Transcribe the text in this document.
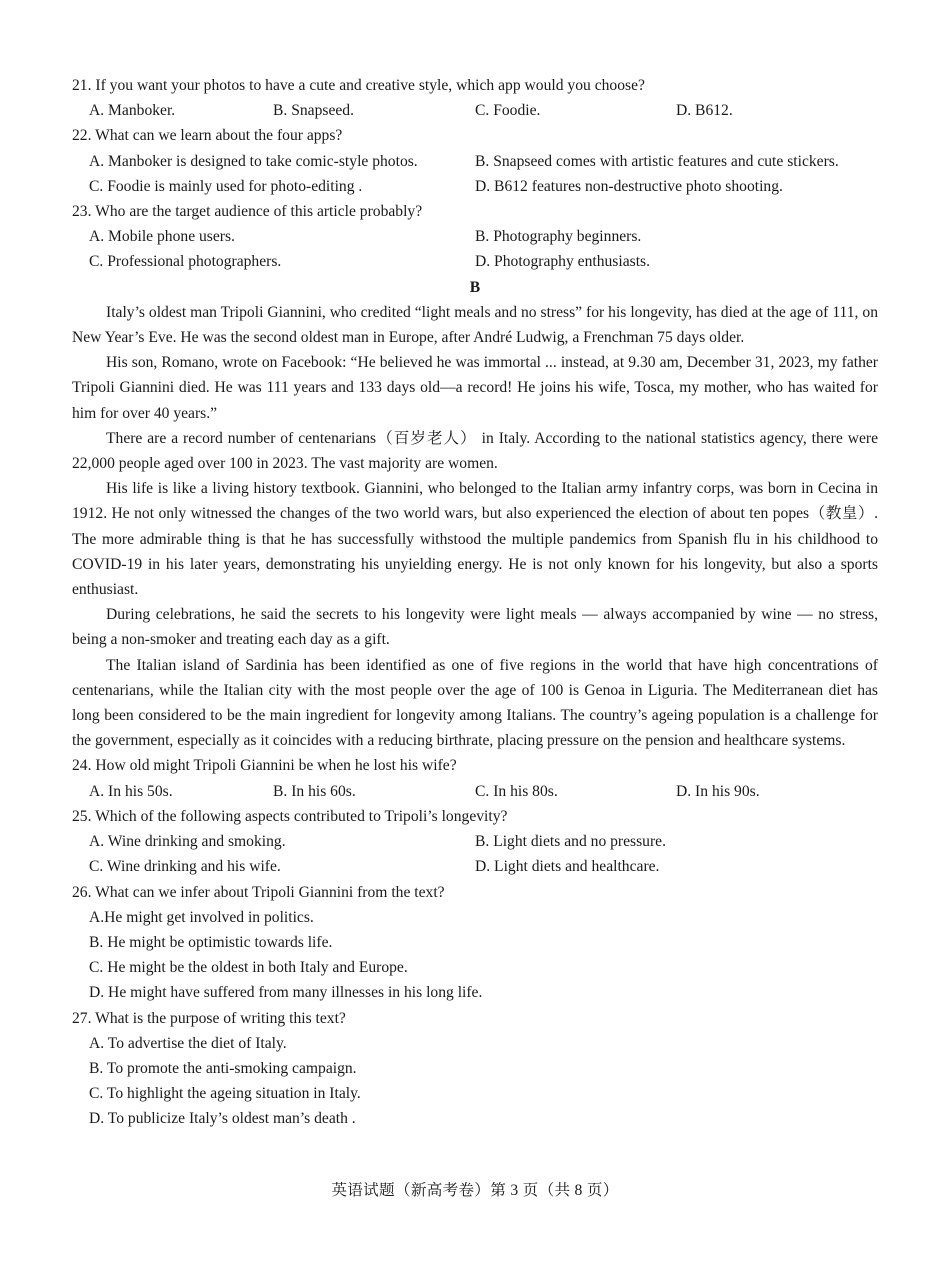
21. If you want your photos to have a cute and creative style, which app would you choose?
A. Manboker.	B. Snapseed.	C. Foodie.	D. B612.
22. What can we learn about the four apps?
A. Manboker is designed to take comic-style photos.	B. Snapseed comes with artistic features and cute stickers.
C. Foodie is mainly used for photo-editing .	D. B612 features non-destructive photo shooting.
23. Who are the target audience of this article probably?
A. Mobile phone users.	B. Photography beginners.
C. Professional photographers.	D. Photography enthusiasts.
B

Italy’s oldest man Tripoli Giannini, who credited “light meals and no stress” for his longevity, has died at the age of 111, on New Year’s Eve. He was the second oldest man in Europe, after André Ludwig, a Frenchman 75 days older.

His son, Romano, wrote on Facebook: “He believed he was immortal ... instead, at 9.30 am, December 31, 2023, my father Tripoli Giannini died. He was 111 years and 133 days old—a record! He joins his wife, Tosca, my mother, who has waited for him for over 40 years.”

There are a record number of centenarians（百岁老人） in Italy. According to the national statistics agency, there were 22,000 people aged over 100 in 2023. The vast majority are women.

His life is like a living history textbook. Giannini, who belonged to the Italian army infantry corps, was born in Cecina in 1912. He not only witnessed the changes of the two world wars, but also experienced the election of about ten popes（教皇）. The more admirable thing is that he has successfully withstood the multiple pandemics from Spanish flu in his childhood to COVID-19 in his later years, demonstrating his unyielding energy. He is not only known for his longevity, but also a sports enthusiast.

During celebrations, he said the secrets to his longevity were light meals — always accompanied by wine — no stress, being a non-smoker and treating each day as a gift.

The Italian island of Sardinia has been identified as one of five regions in the world that have high concentrations of centenarians, while the Italian city with the most people over the age of 100 is Genoa in Liguria. The Mediterranean diet has long been considered to be the main ingredient for longevity among Italians. The country’s ageing population is a challenge for the government, especially as it coincides with a reducing birthrate, placing pressure on the pension and healthcare systems.

24. How old might Tripoli Giannini be when he lost his wife?
A. In his 50s.	B. In his 60s.	C. In his 80s.	D. In his 90s.
25. Which of the following aspects contributed to Tripoli’s longevity?
A. Wine drinking and smoking.	B. Light diets and no pressure.
C. Wine drinking and his wife.	D. Light diets and healthcare.
26. What can we infer about Tripoli Giannini from the text?
A.He might get involved in politics.
B. He might be optimistic towards life.
C. He might be the oldest in both Italy and Europe.
D. He might have suffered from many illnesses in his long life.
27. What is the purpose of writing this text?
A. To advertise the diet of Italy.
B. To promote the anti-smoking campaign.
C. To highlight the ageing situation in Italy.
D. To publicize Italy’s oldest man’s death .
英语试题（新高考卷）第 3 页（共 8 页）
